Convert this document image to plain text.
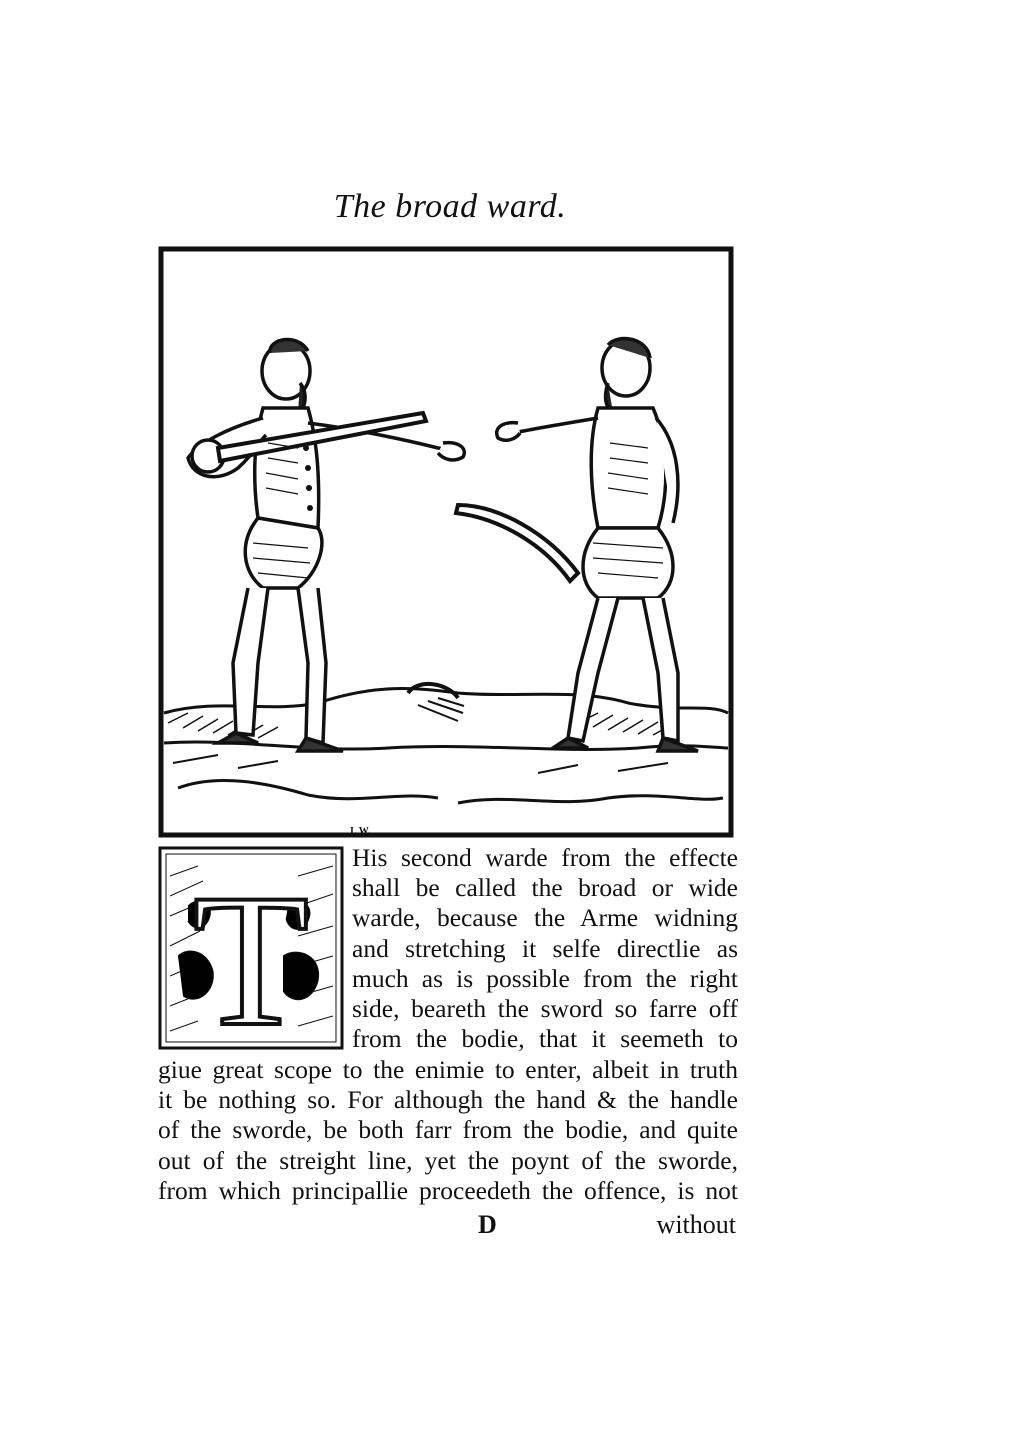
The broad ward.
I. W.
T His second warde from the effecte
shall be called the broad or wide
warde, because the Arme widning
and stretching it selfe directlie as
much as is possible from the right
side, beareth the sword so farre off
from the bodie, that it seemeth to
giue great scope to the enimie to enter, albeit in truth
it be nothing so. For although the hand & the handle
of the sworde, be both farr from the bodie, and quite
out of the streight line, yet the poynt of the sworde,
from which principallie proceedeth the offence, is not
D	without
